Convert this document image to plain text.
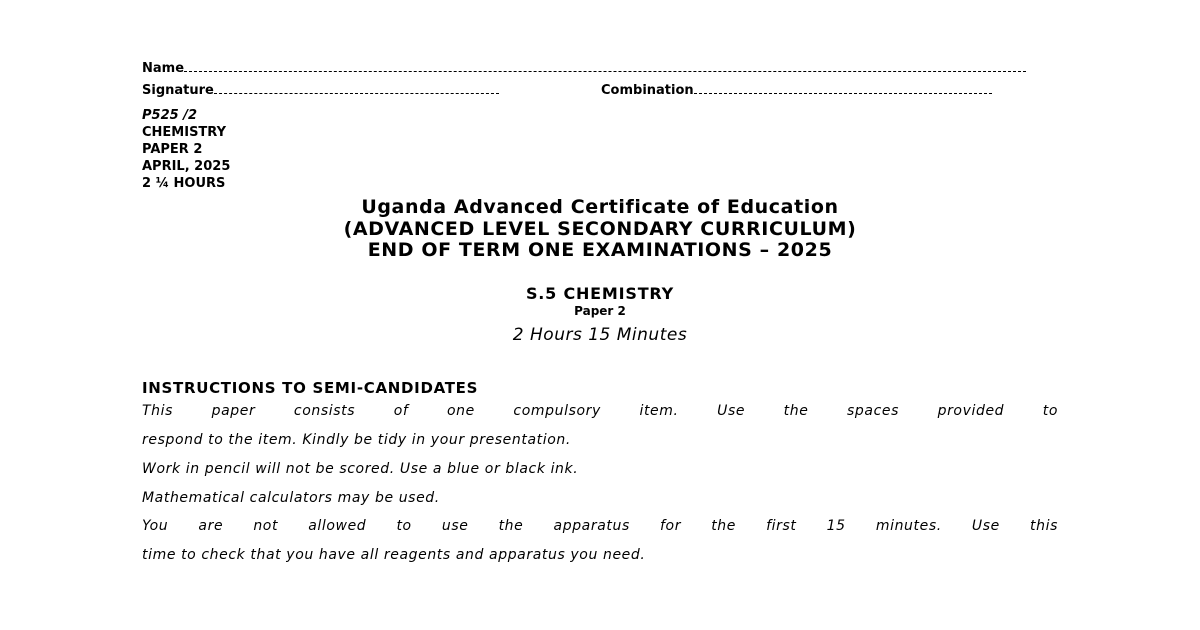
Name
Signature	Combination
P525 /2
CHEMISTRY
PAPER 2
APRIL, 2025
2 ¼ HOURS
Uganda Advanced Certificate of Education
(ADVANCED LEVEL SECONDARY CURRICULUM)
END OF TERM ONE EXAMINATIONS – 2025
S.5 CHEMISTRY
Paper 2
2 Hours 15 Minutes
INSTRUCTIONS TO SEMI-CANDIDATES
This paper consists of one compulsory item. Use the spaces provided to
respond to the item. Kindly be tidy in your presentation.
Work in pencil will not be scored. Use a blue or black ink.
Mathematical calculators may be used.
You are not allowed to use the apparatus for the first 15 minutes. Use this
time to check that you have all reagents and apparatus you need.
